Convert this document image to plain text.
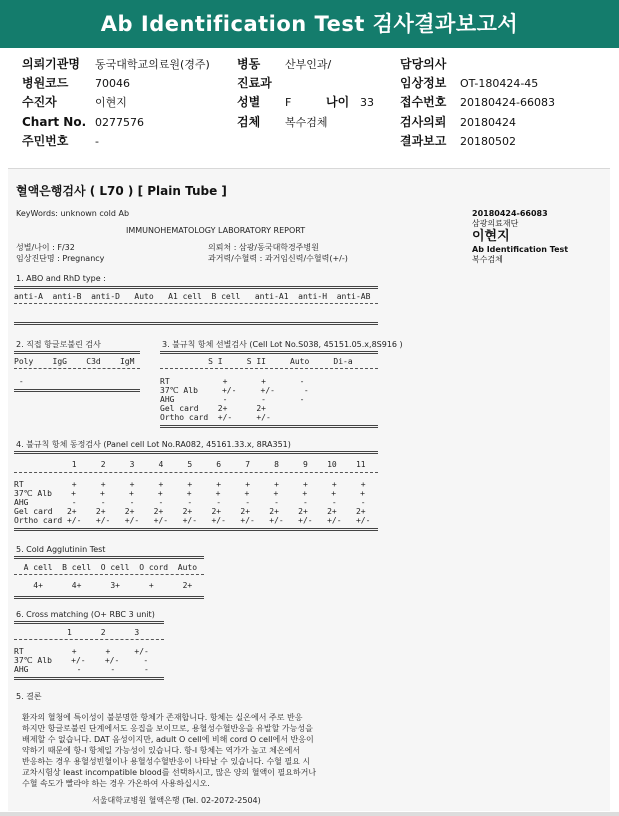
Ab Identification Test 검사결과보고서
의뢰기관명 동국대학교의료원(경주) 병동 산부인과/	담당의사
병원코드 70046	진료과	임상정보 OT-180424-45
수진자	이현지	성별 F	나이 33 접수번호 20180424-66083
Chart No. 0277576	검체 복수검체	검사의뢰 20180424
주민번호 -	결과보고 20180502
혈액은행검사 ( L70 ) [ Plain Tube ]
KeyWords: unknown cold Ab
IMMUNOHEMATOLOGY LABORATORY REPORT
성별/나이 : F/32
임상진단명 : Pregnancy
의뢰처 : 삼광/동국대학경주병원
과거력/수혈력 : 과거임신력/수혈력(+/-)
20180424-66083
삼광의료재단
이현지
Ab Identification Test
복수검체
1. ABO and RhD type :
anti-A  anti-B  anti-D   Auto   A1 cell  B cell   anti-A1  anti-H  anti-AB
2. 직접 항글로불린 검사
Poly    IgG    C3d    IgM
-
3. 불규칙 항체 선별검사 (Cell Lot No.S038, 45151.05.x,8S916 )
S I     S II     Auto     Di-a
RT           +       +       -
37℃ Alb     +/-     +/-      -
AHG          -       -       -
Gel card    2+      2+
Ortho card  +/-     +/-
4. 불규칙 항체 동정검사 (Panel cell Lot No.RA082, 45161.33.x, 8RA351)
1     2     3     4     5     6     7     8     9    10    11
RT          +     +     +     +     +     +     +     +     +     +     +
37℃ Alb    +     +     +     +     +     +     +     +     +     +     +
AHG         -     -     -     -     -     -     -     -     -     -     -
Gel card   2+    2+    2+    2+    2+    2+    2+    2+    2+    2+    2+
Ortho card +/-   +/-   +/-   +/-   +/-   +/-   +/-   +/-   +/-   +/-   +/-
5. Cold Agglutinin Test
A cell  B cell  O cell  O cord  Auto
4+      4+      3+      +      2+
6. Cross matching (O+ RBC 3 unit)
1      2      3
RT          +      +     +/-
37℃ Alb    +/-    +/-     -
AHG          -      -      -
5. 결론
환자의 혈청에 특이성이 불분명한 항체가 존재합니다. 항체는 실온에서 주로 반응
하지만 항글로불린 단계에서도 응집을 보이므로, 용혈성수혈반응을 유발할 가능성을
배제할 수 없습니다. DAT 음성이지만, adult O cell에 비해 cord O cell에서 반응이
약하기 때문에 항-I 항체일 가능성이 있습니다. 항-I 항체는 역가가 높고 체온에서
반응하는 경우 용혈성빈혈이나 용혈성수혈반응이 나타날 수 있습니다. 수혈 필요 시
교차시험상 least incompatible blood를 선택하시고, 많은 양의 혈액이 필요하거나
수혈 속도가 빨라야 하는 경우 가온하여 사용하십시오.
서울대학교병원 혈액은행 (Tel. 02-2072-2504)
